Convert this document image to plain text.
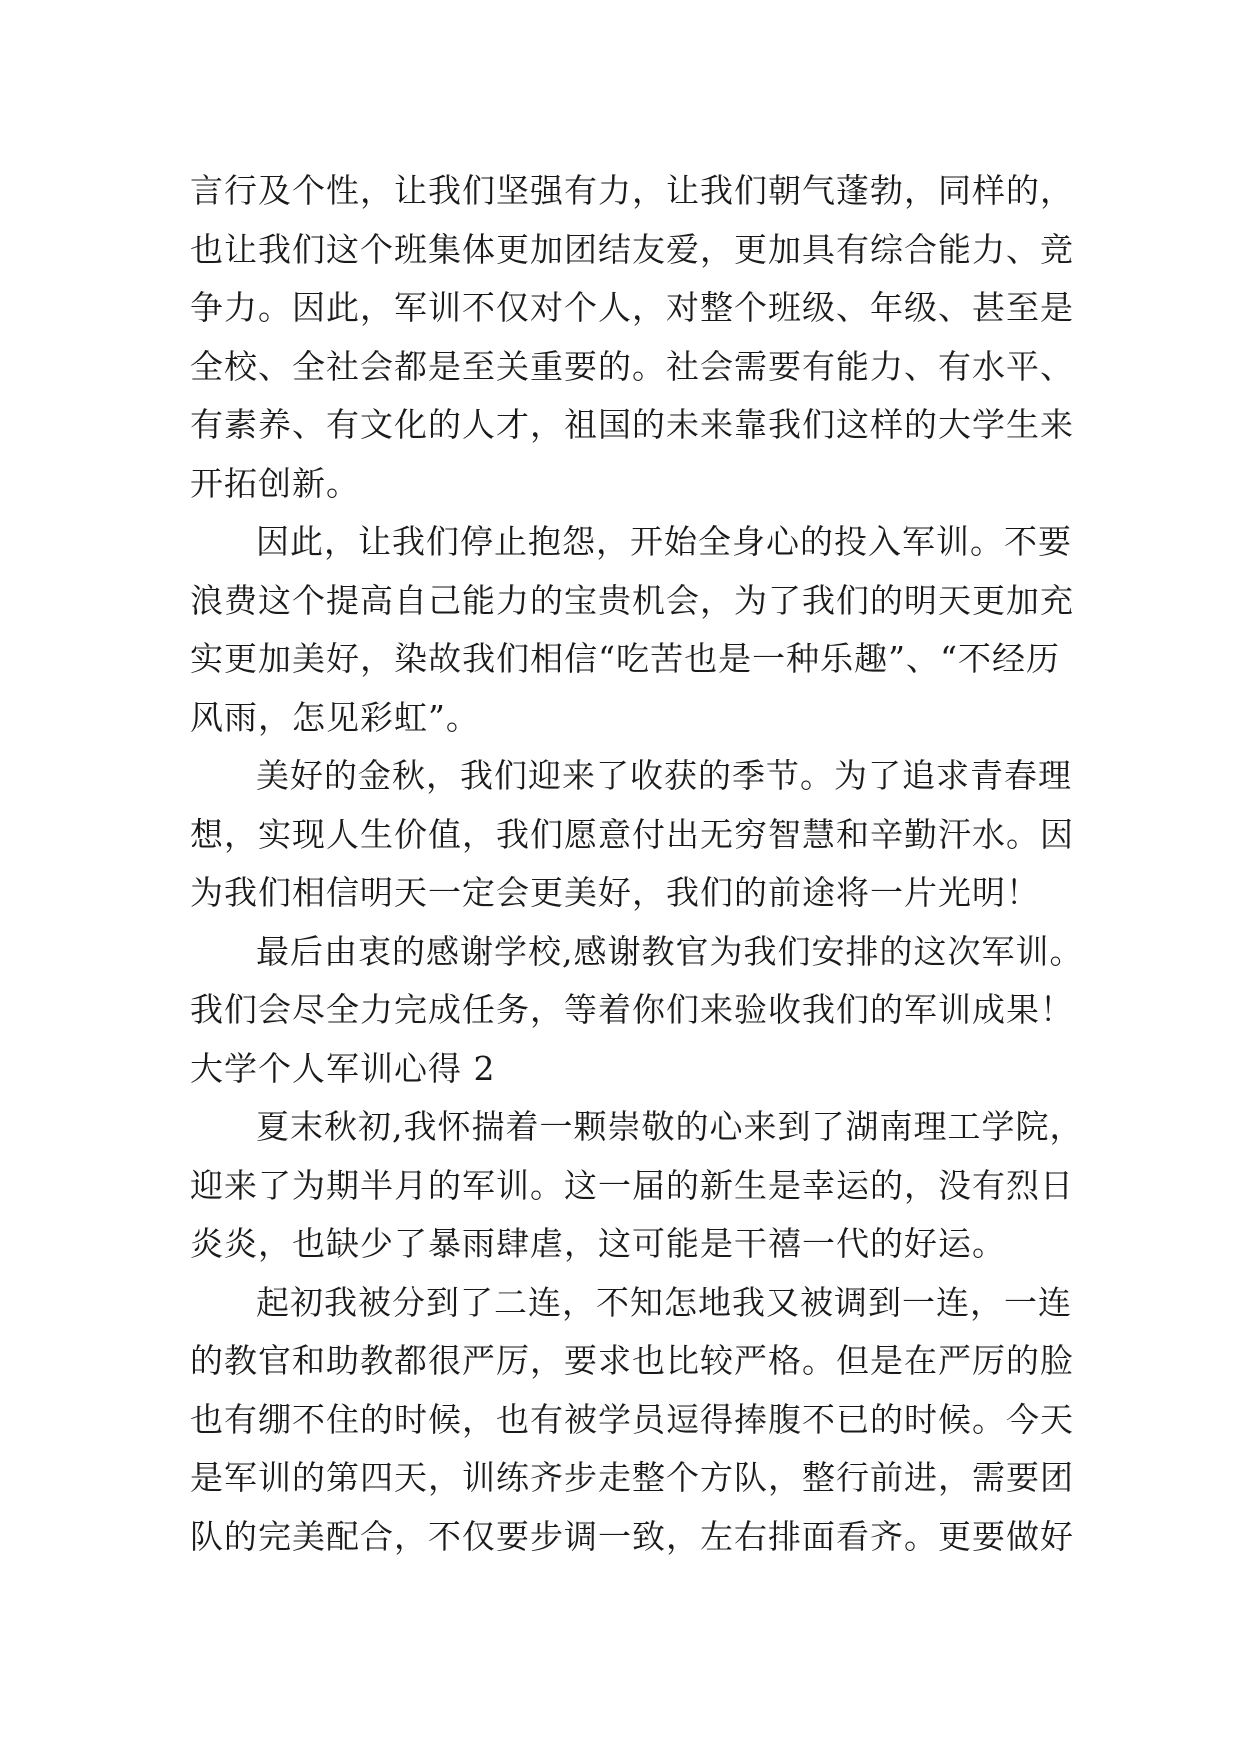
言行及个性，让我们坚强有力，让我们朝气蓬勃，同样的，
也让我们这个班集体更加团结友爱，更加具有综合能力、竞
争力。因此，军训不仅对个人，对整个班级、年级、甚至是
全校、全社会都是至关重要的。社会需要有能力、有水平、
有素养、有文化的人才，祖国的未来靠我们这样的大学生来
开拓创新。
因此，让我们停止抱怨，开始全身心的投入军训。不要
浪费这个提高自己能力的宝贵机会，为了我们的明天更加充
实更加美好，染故我们相信“吃苦也是一种乐趣”、“不经历
风雨，怎见彩虹”。
美好的金秋，我们迎来了收获的季节。为了追求青春理
想，实现人生价值，我们愿意付出无穷智慧和辛勤汗水。因
为我们相信明天一定会更美好，我们的前途将一片光明！
最后由衷的感谢学校,感谢教官为我们安排的这次军训。
我们会尽全力完成任务，等着你们来验收我们的军训成果！
大学个人军训心得 2
夏末秋初,我怀揣着一颗崇敬的心来到了湖南理工学院，
迎来了为期半月的军训。这一届的新生是幸运的，没有烈日
炎炎，也缺少了暴雨肆虐，这可能是干禧一代的好运。
起初我被分到了二连，不知怎地我又被调到一连，一连
的教官和助教都很严厉，要求也比较严格。但是在严厉的脸
也有绷不住的时候，也有被学员逗得捧腹不已的时候。今天
是军训的第四天，训练齐步走整个方队，整行前进，需要团
队的完美配合，不仅要步调一致，左右排面看齐。更要做好
